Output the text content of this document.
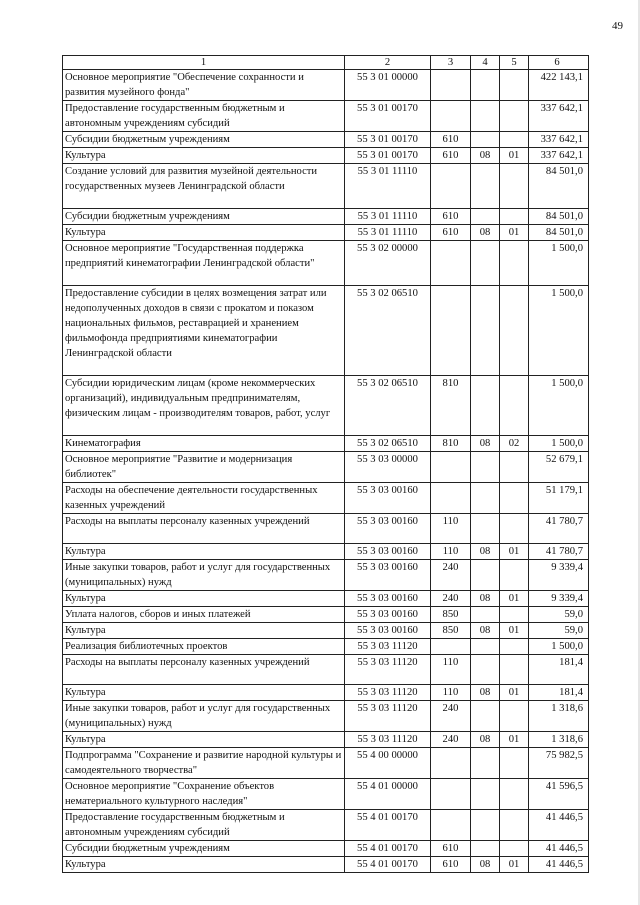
49
1	2	3	4	5	6
Основное мероприятие "Обеспечение сохранности и развития музейного фонда"	55 3 01 00000				422 143,1
Предоставление государственным бюджетным и автономным учреждениям субсидий	55 3 01 00170				337 642,1
Субсидии бюджетным учреждениям	55 3 01 00170	610			337 642,1
Культура	55 3 01 00170	610	08	01	337 642,1
Создание условий для развития музейной деятельности государственных музеев Ленинградской области	55 3 01 11110				84 501,0
Субсидии бюджетным учреждениям	55 3 01 11110	610			84 501,0
Культура	55 3 01 11110	610	08	01	84 501,0
Основное мероприятие "Государственная поддержка предприятий кинематографии Ленинградской области"	55 3 02 00000				1 500,0
Предоставление субсидии в целях возмещения затрат или недополученных доходов в связи с прокатом и показом национальных фильмов, реставрацией и хранением фильмофонда предприятиями кинематографии Ленинградской области	55 3 02 06510				1 500,0
Субсидии юридическим лицам (кроме некоммерческих организаций), индивидуальным предпринимателям, физическим лицам - производителям товаров, работ, услуг	55 3 02 06510	810			1 500,0
Кинематография	55 3 02 06510	810	08	02	1 500,0
Основное мероприятие "Развитие и модернизация библиотек"	55 3 03 00000				52 679,1
Расходы на обеспечение деятельности государственных казенных учреждений	55 3 03 00160				51 179,1
Расходы на выплаты персоналу казенных учреждений	55 3 03 00160	110			41 780,7
Культура	55 3 03 00160	110	08	01	41 780,7
Иные закупки товаров, работ и услуг для государственных (муниципальных) нужд	55 3 03 00160	240			9 339,4
Культура	55 3 03 00160	240	08	01	9 339,4
Уплата налогов, сборов и иных платежей	55 3 03 00160	850			59,0
Культура	55 3 03 00160	850	08	01	59,0
Реализация библиотечных проектов	55 3 03 11120				1 500,0
Расходы на выплаты персоналу казенных учреждений	55 3 03 11120	110			181,4
Культура	55 3 03 11120	110	08	01	181,4
Иные закупки товаров, работ и услуг для государственных (муниципальных) нужд	55 3 03 11120	240			1 318,6
Культура	55 3 03 11120	240	08	01	1 318,6
Подпрограмма "Сохранение и развитие народной культуры и самодеятельного творчества"	55 4 00 00000				75 982,5
Основное мероприятие "Сохранение объектов нематериального культурного наследия"	55 4 01 00000				41 596,5
Предоставление государственным бюджетным и автономным учреждениям субсидий	55 4 01 00170				41 446,5
Субсидии бюджетным учреждениям	55 4 01 00170	610			41 446,5
Культура	55 4 01 00170	610	08	01	41 446,5
